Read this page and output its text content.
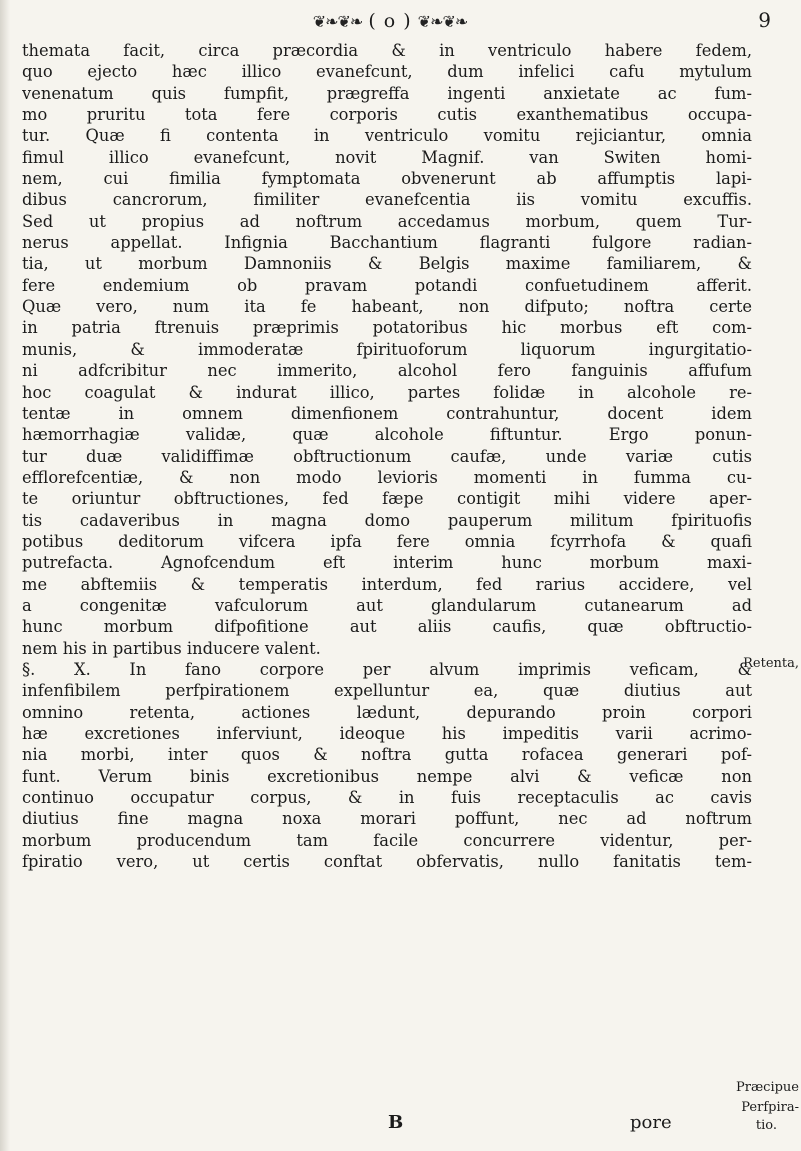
❦❧❦❧ ( o ) ❦❧❦❧	9
themata facit, circa præcordia & in ventriculo habere fedem,
quo ejecto hæc illico evanefcunt, dum infelici cafu mytulum
venenatum quis fumpfit, prægreffa ingenti anxietate ac fum-
mo pruritu tota fere corporis cutis exanthematibus occupa-
tur. Quæ fi contenta in ventriculo vomitu rejiciantur, omnia
fimul illico evanefcunt, novit Magnif. van Switen homi-
nem, cui fimilia fymptomata obvenerunt ab affumptis lapi-
dibus cancrorum, fimiliter evanefcentia iis vomitu excuffis.
Sed ut propius ad noftrum accedamus morbum, quem Tur-
nerus appellat. Infignia Bacchantium flagranti fulgore radian-
tia, ut morbum Damnoniis & Belgis maxime familiarem, &
fere endemium ob pravam potandi confuetudinem afferit.
Quæ vero, num ita fe habeant, non difputo; noftra certe
in patria ftrenuis præprimis potatoribus hic morbus eft com-
munis, & immoderatæ fpirituoforum liquorum ingurgitatio-
ni adfcribitur nec immerito, alcohol fero fanguinis affufum
hoc coagulat & indurat illico, partes folidæ in alcohole re-
tentæ in omnem dimenfionem contrahuntur, docent idem
hæmorrhagiæ validæ, quæ alcohole fiftuntur. Ergo ponun-
tur duæ validiffimæ obftructionum caufæ, unde variæ cutis
efflorefcentiæ, & non modo levioris momenti in fumma cu-
te oriuntur obftructiones, fed fæpe contigit mihi videre aper-
tis cadaveribus in magna domo pauperum militum fpirituofis
potibus deditorum vifcera ipfa fere omnia fcyrrhofa & quafi
putrefacta. Agnofcendum eft interim hunc morbum maxi-
me abftemiis & temperatis interdum, fed rarius accidere, vel
a congenitæ vafculorum aut glandularum cutanearum ad
hunc morbum difpofitione aut aliis caufis, quæ obftructio-
nem his in partibus inducere valent.
§. X. In fano corpore per alvum imprimis veficam, &
infenfibilem perfpirationem expelluntur ea, quæ diutius aut
omnino retenta, actiones lædunt, depurando proin corpori
hæ excretiones inferviunt, ideoque his impeditis varii acrimo-
nia morbi, inter quos & noftra gutta rofacea generari pof-
funt. Verum binis excretionibus nempe alvi & veficæ non
continuo occupatur corpus, & in fuis receptaculis ac cavis
diutius fine magna noxa morari poffunt, nec ad noftrum
morbum producendum tam facile concurrere videntur, per-
fpiratio vero, ut certis conftat obfervatis, nullo fanitatis tem-
Retenta,
Præcipue
Perfpira-
tio.
B	pore
